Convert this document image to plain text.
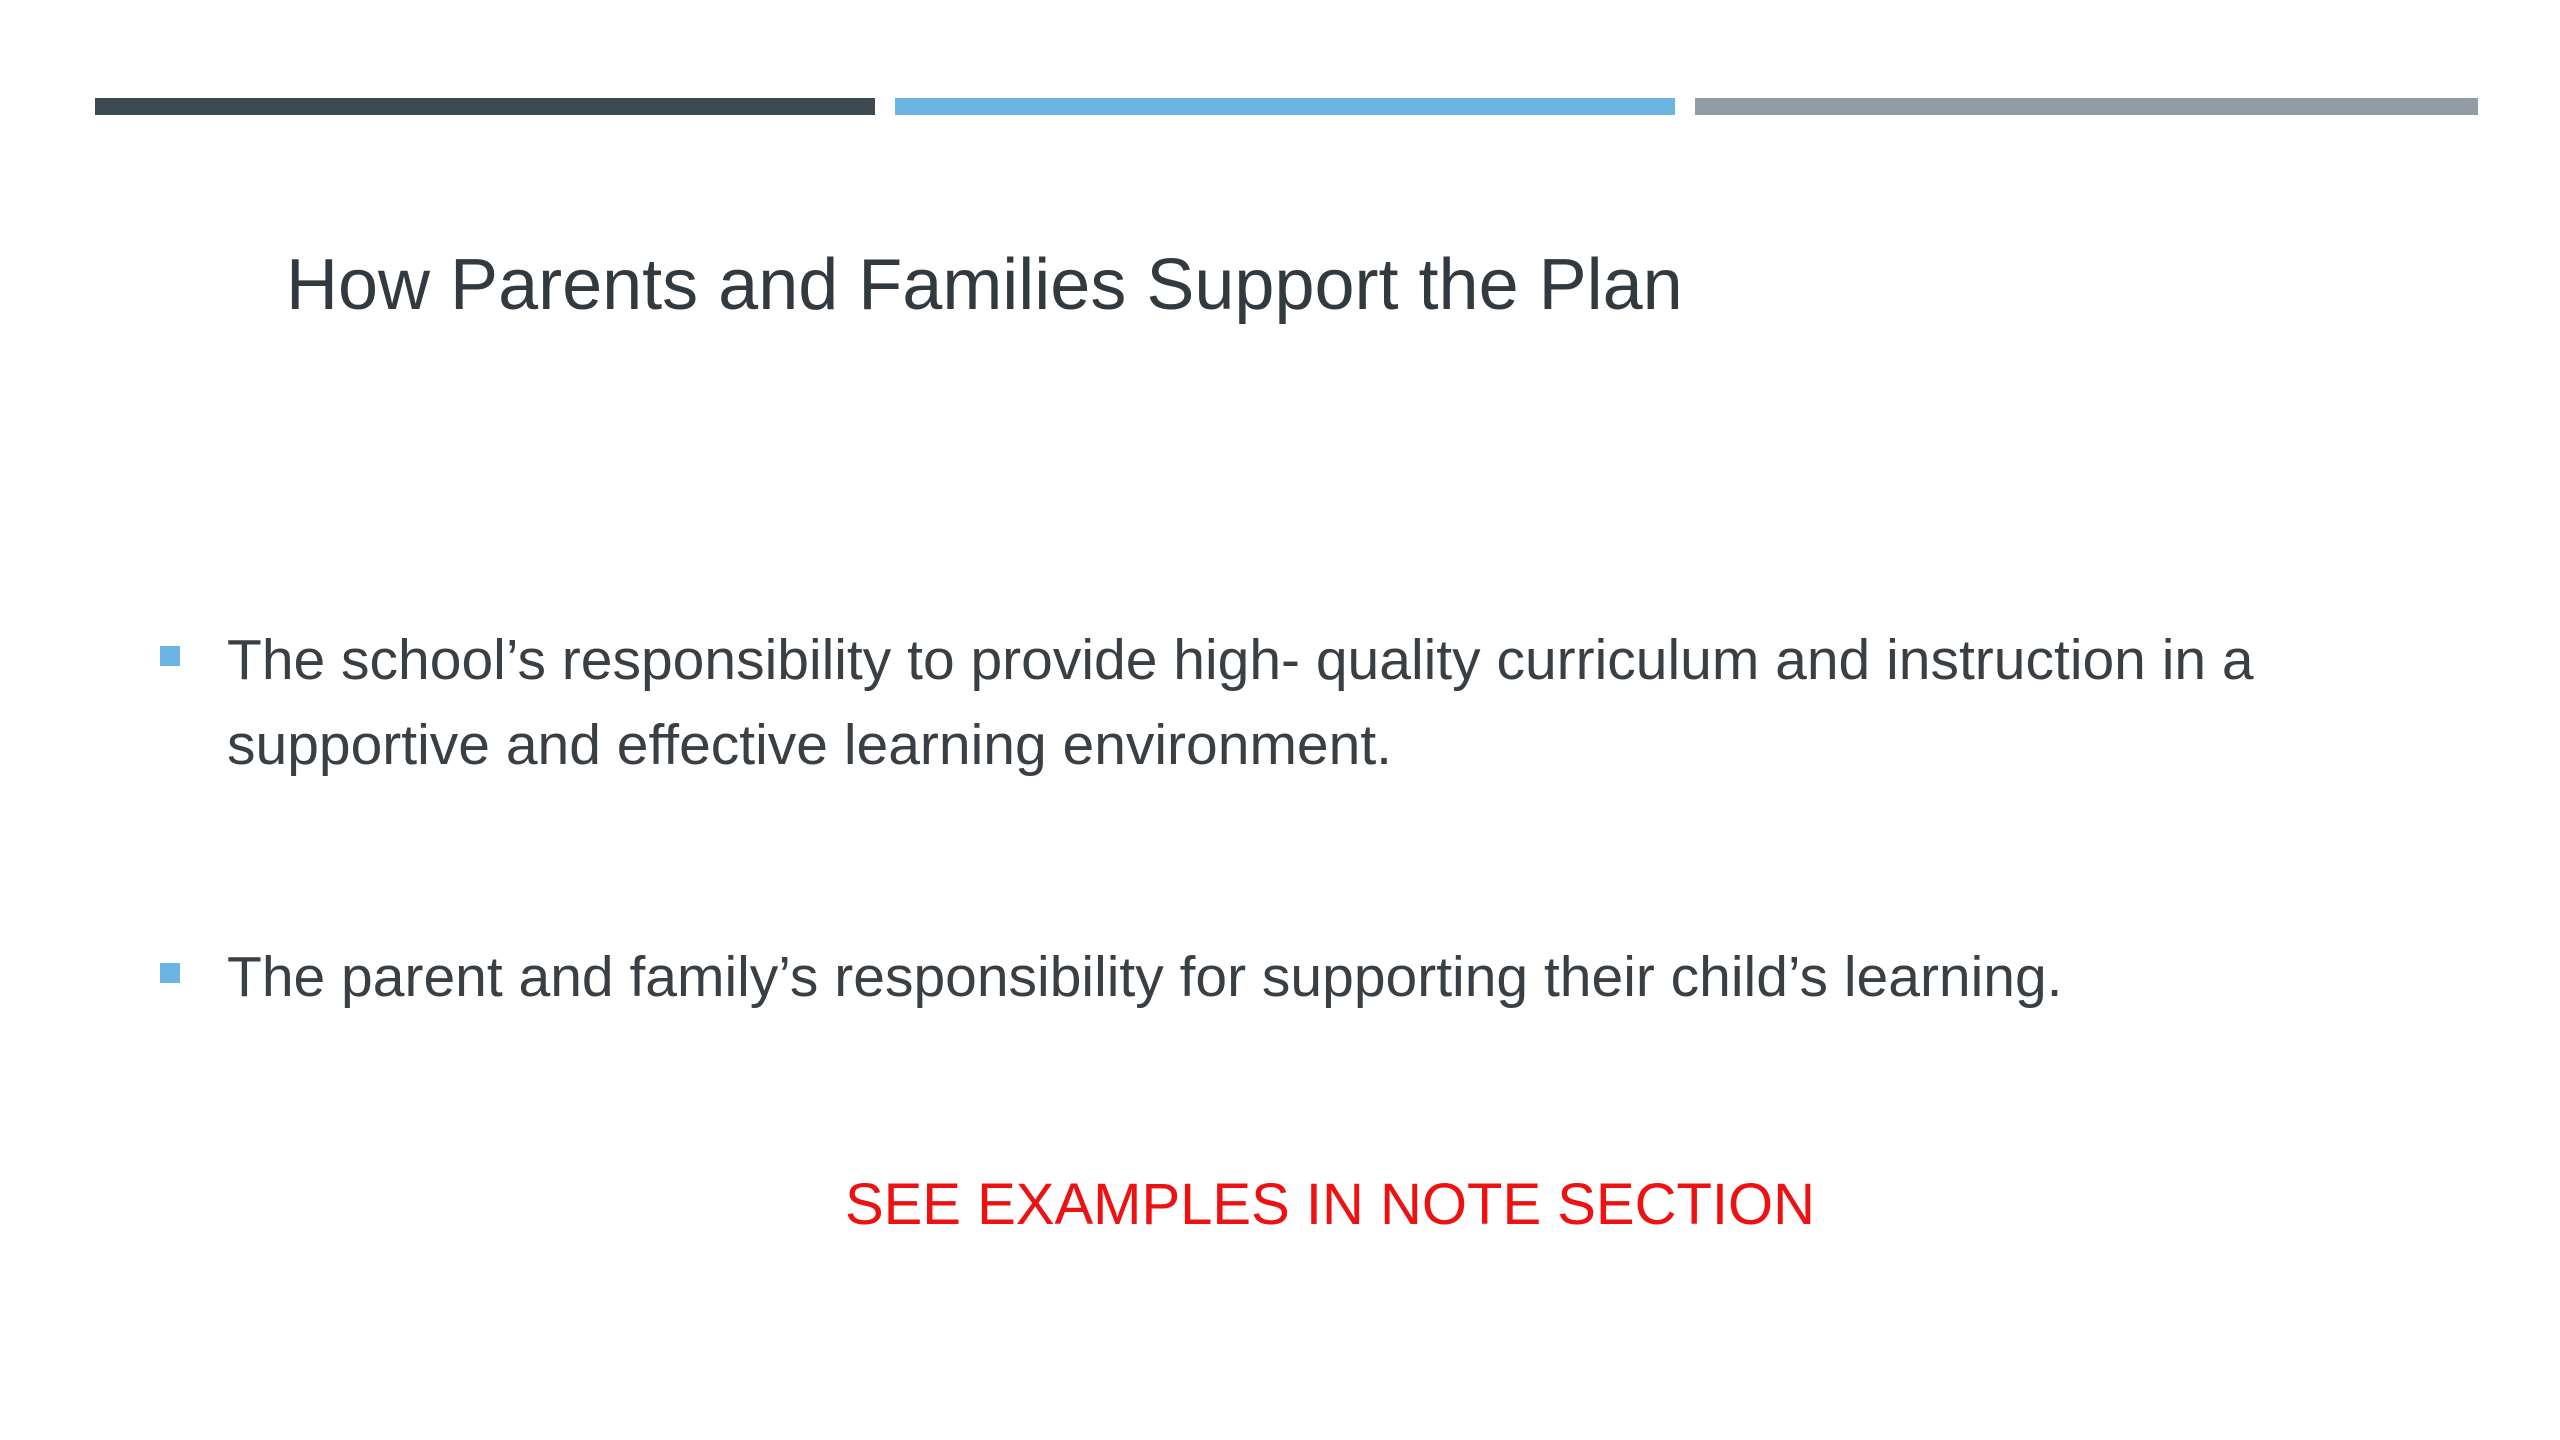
How Parents and Families Support the Plan
The school’s responsibility to provide high- quality curriculum and instruction in a supportive and effective learning environment.
The parent and family’s responsibility for supporting their child’s learning.
SEE EXAMPLES IN NOTE SECTION
